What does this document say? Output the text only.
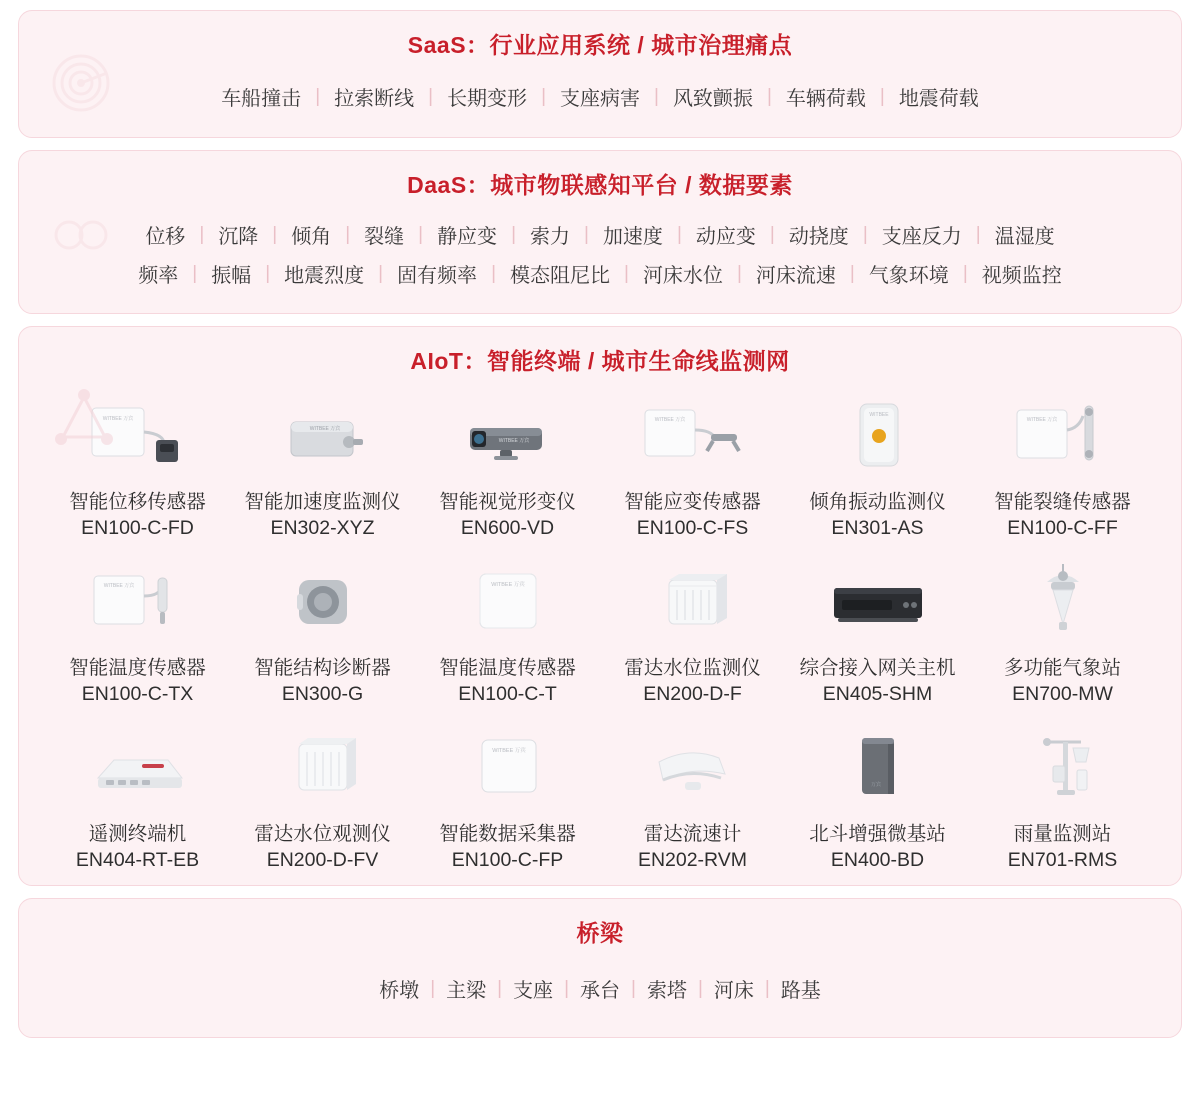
SaaS：行业应用系统 / 城市治理痛点
车船撞击 | 拉索断线 | 长期变形 | 支座病害 | 风致颤振 | 车辆荷载 | 地震荷载
DaaS：城市物联感知平台 / 数据要素
位移 | 沉降 | 倾角 | 裂缝 | 静应变 | 索力 | 加速度 | 动应变 | 动挠度 | 支座反力 | 温湿度
频率 | 振幅 | 地震烈度 | 固有频率 | 模态阻尼比 | 河床水位 | 河床流速 | 气象环境 | 视频监控
AIoT：智能终端 / 城市生命线监测网
WITBEE 万宾
智能位移传感器
EN100-C-FD
WITBEE 万宾
智能加速度监测仪
EN302-XYZ
WITBEE 万宾
智能视觉形变仪
EN600-VD
WITBEE 万宾
智能应变传感器
EN100-C-FS
WITBEE
倾角振动监测仪
EN301-AS
WITBEE 万宾
智能裂缝传感器
EN100-C-FF
WITBEE 万宾
智能温度传感器
EN100-C-TX
智能结构诊断器
EN300-G
WITBEE 万宾
智能温度传感器
EN100-C-T
雷达水位监测仪
EN200-D-F
综合接入网关主机
EN405-SHM
多功能气象站
EN700-MW
遥测终端机
EN404-RT-EB
雷达水位观测仪
EN200-D-FV
WITBEE 万宾
智能数据采集器
EN100-C-FP
雷达流速计
EN202-RVM
万宾
北斗增强微基站
EN400-BD
雨量监测站
EN701-RMS
桥梁
桥墩 | 主梁 | 支座 | 承台 | 索塔 | 河床 | 路基
